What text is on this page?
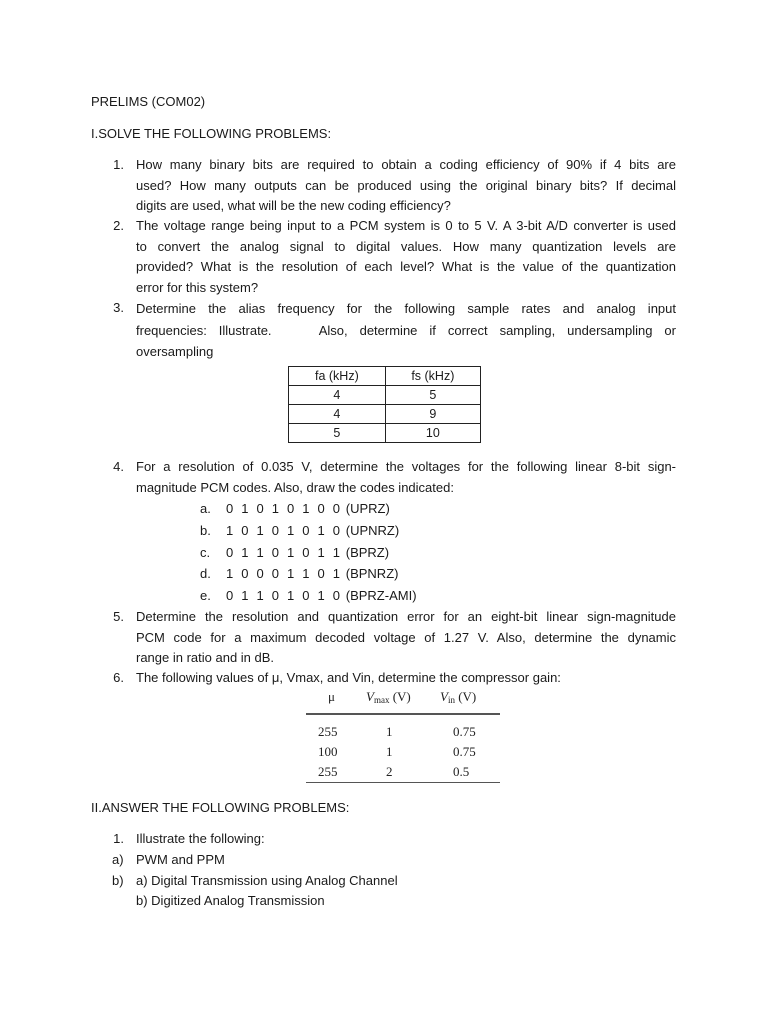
PRELIMS (COM02)
I.SOLVE THE FOLLOWING PROBLEMS:
1. How many binary bits are required to obtain a coding efficiency of 90% if 4 bits are
used? How many outputs can be produced using the original binary bits? If decimal
digits are used, what will be the new coding efficiency?
2. The voltage range being input to a PCM system is 0 to 5 V. A 3-bit A/D converter is used
to convert the analog signal to digital values. How many quantization levels are
provided? What is the resolution of each level? What is the value of the quantization
error for this system?
3. Determine the alias frequency for the following sample rates and analog input
frequencies: Illustrate.    Also, determine if correct sampling, undersampling or
oversampling
fa (kHz)	fs (kHz)
4	5
4	9
5	10
4. For a resolution of 0.035 V, determine the voltages for the following linear 8-bit sign-
magnitude PCM codes. Also, draw the codes indicated:
a. 0 1 0 1 0 1 0 0 (UPRZ)
b. 1 0 1 0 1 0 1 0 (UPNRZ)
c. 0 1 1 0 1 0 1 1 (BPRZ)
d. 1 0 0 0 1 1 0 1 (BPNRZ)
e. 0 1 1 0 1 0 1 0 (BPRZ-AMI)
5. Determine the resolution and quantization error for an eight-bit linear sign-magnitude
PCM code for a maximum decoded voltage of 1.27 V. Also, determine the dynamic
range in ratio and in dB.
6. The following values of μ, Vmax, and Vin, determine the compressor gain:
μ $V_{max}$ (V) $V_{in}$ (V)
255	1	0.75
100	1	0.75
255	2	0.5
II.ANSWER THE FOLLOWING PROBLEMS:
1. Illustrate the following:
a) PWM and PPM
b) a) Digital Transmission using Analog Channel
b) Digitized Analog Transmission
